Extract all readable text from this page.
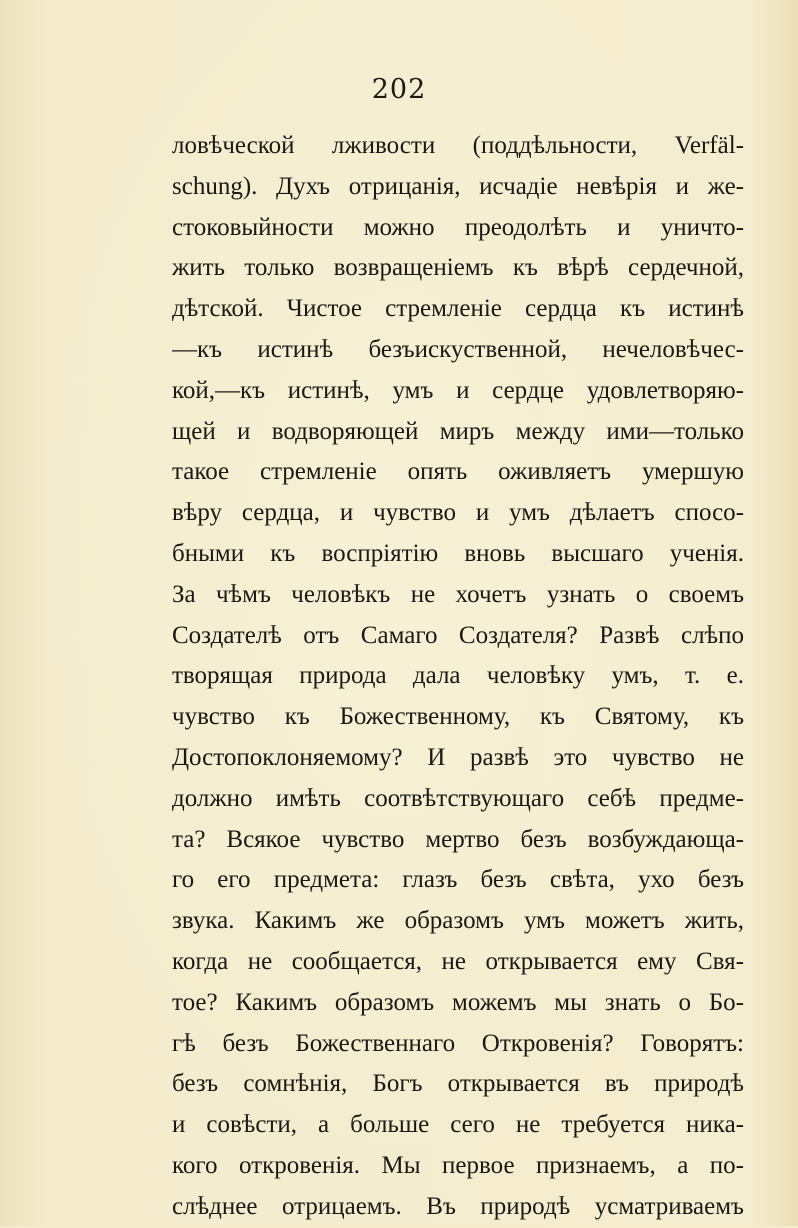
202
ловѣческой лживости (поддѣльности, Verfäl-
schung). Духъ отрицанія, исчадіе невѣрія и же-
стоковыйности можно преодолѣть и уничто-
жить только возвращеніемъ къ вѣрѣ сердечной,
дѣтской. Чистое стремленіе сердца къ истинѣ
—къ истинѣ безъискуственной, нечеловѣчес-
кой,—къ истинѣ, умъ и сердце удовлетворяю-
щей и водворяющей миръ между ими—только
такое стремленіе опять оживляетъ умершую
вѣру сердца, и чувство и умъ дѣлаетъ спосо-
бными къ воспріятію вновь высшаго ученія.
За чѣмъ человѣкъ не хочетъ узнать о своемъ
Создателѣ отъ Самаго Создателя? Развѣ слѣпо
творящая природа дала человѣку умъ, т. е.
чувство къ Божественному, къ Святому, къ
Достопоклоняемому? И развѣ это чувство не
должно имѣть соотвѣтствующаго себѣ предме-
та? Всякое чувство мертво безъ возбуждающа-
го его предмета: глазъ безъ свѣта, ухо безъ
звука. Какимъ же образомъ умъ можетъ жить,
когда не сообщается, не открывается ему Свя-
тое? Какимъ образомъ можемъ мы знать о Бо-
гѣ безъ Божественнаго Откровенія? Говорятъ:
безъ сомнѣнія, Богъ открывается въ природѣ
и совѣсти, а больше сего не требуется ника-
кого откровенія. Мы первое признаемъ, а по-
слѣднее отрицаемъ. Въ природѣ усматриваемъ
